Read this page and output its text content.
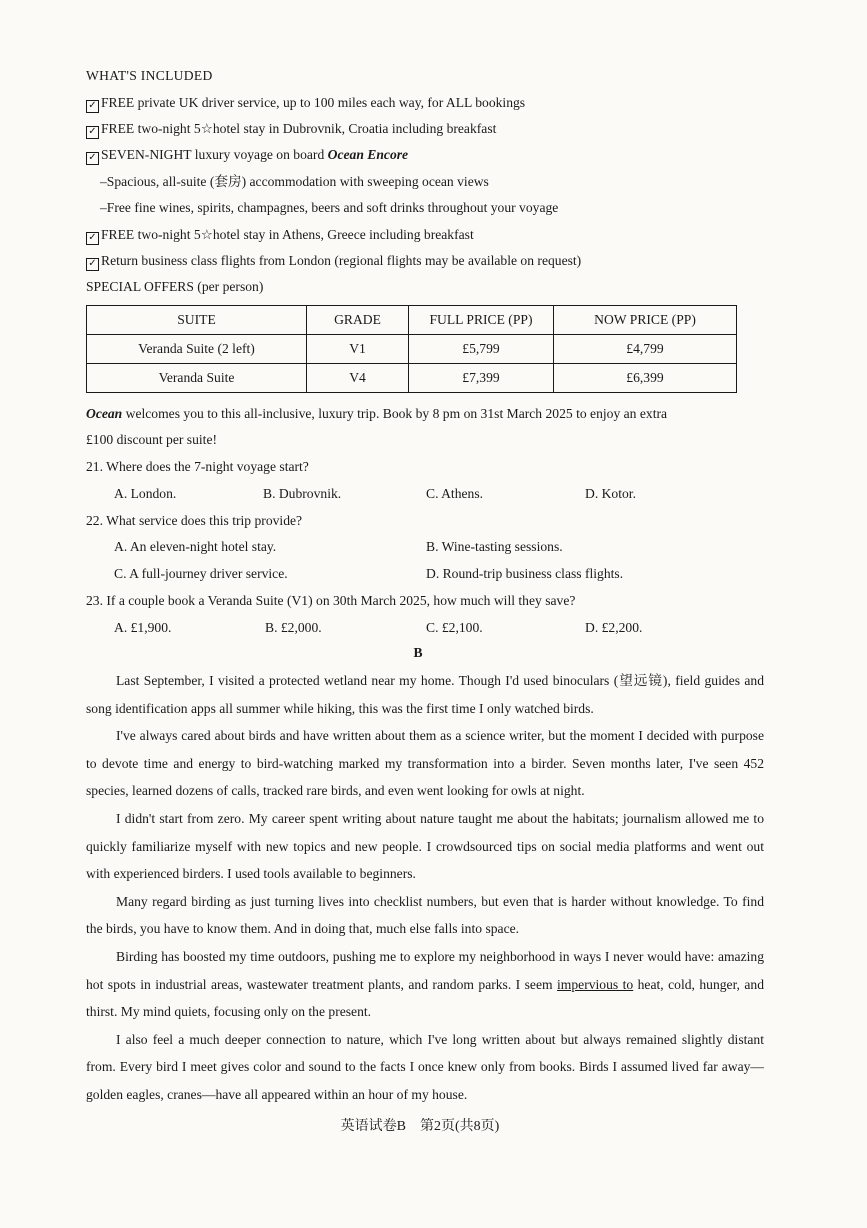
WHAT'S INCLUDED
✓ FREE private UK driver service, up to 100 miles each way, for ALL bookings
✓ FREE two-night 5☆hotel stay in Dubrovnik, Croatia including breakfast
✓ SEVEN-NIGHT luxury voyage on board Ocean Encore
–Spacious, all-suite (套房) accommodation with sweeping ocean views
–Free fine wines, spirits, champagnes, beers and soft drinks throughout your voyage
✓ FREE two-night 5☆hotel stay in Athens, Greece including breakfast
✓ Return business class flights from London (regional flights may be available on request)
SPECIAL OFFERS (per person)
SUITE	GRADE	FULL PRICE (PP)	NOW PRICE (PP)
Veranda Suite (2 left)	V1	£5,799	£4,799
Veranda Suite	V4	£7,399	£6,399
Ocean welcomes you to this all-inclusive, luxury trip. Book by 8 pm on 31st March 2025 to enjoy an extra
£100 discount per suite!
21. Where does the 7-night voyage start?
A. London.	B. Dubrovnik.	C. Athens.	D. Kotor.
22. What service does this trip provide?
A. An eleven-night hotel stay.	B. Wine-tasting sessions.
C. A full-journey driver service.	D. Round-trip business class flights.
23. If a couple book a Veranda Suite (V1) on 30th March 2025, how much will they save?
A. £1,900.	B. £2,000.	C. £2,100.	D. £2,200.
B

Last September, I visited a protected wetland near my home. Though I'd used binoculars (望远镜), field guides and song identification apps all summer while hiking, this was the first time I only watched birds.

I've always cared about birds and have written about them as a science writer, but the moment I decided with purpose to devote time and energy to bird-watching marked my transformation into a birder. Seven months later, I've seen 452 species, learned dozens of calls, tracked rare birds, and even went looking for owls at night.

I didn't start from zero. My career spent writing about nature taught me about the habitats; journalism allowed me to quickly familiarize myself with new topics and new people. I crowdsourced tips on social media platforms and went out with experienced birders. I used tools available to beginners.

Many regard birding as just turning lives into checklist numbers, but even that is harder without knowledge. To find the birds, you have to know them. And in doing that, much else falls into space.

Birding has boosted my time outdoors, pushing me to explore my neighborhood in ways I never would have: amazing hot spots in industrial areas, wastewater treatment plants, and random parks. I seem impervious to heat, cold, hunger, and thirst. My mind quiets, focusing only on the present.

I also feel a much deeper connection to nature, which I've long written about but always remained slightly distant from. Every bird I meet gives color and sound to the facts I once knew only from books. Birds I assumed lived far away—golden eagles, cranes—have all appeared within an hour of my house.

英语试卷B　第2页(共8页)
